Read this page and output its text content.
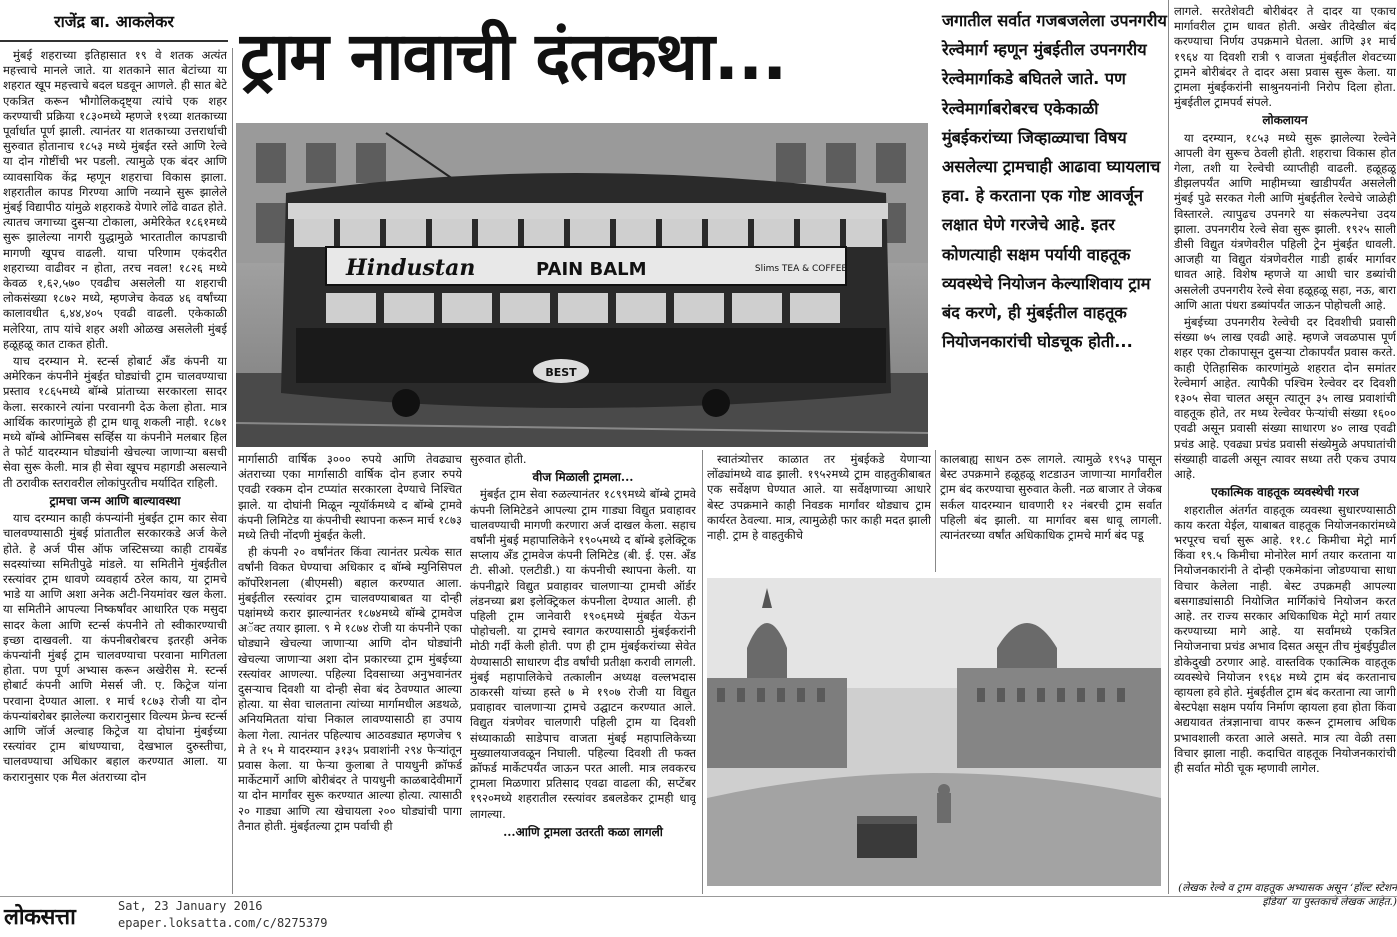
राजेंद्र बा. आकलेकर	ट्राम नावाची दंतकथा...
Hindustan	PAIN BALM	Slims TEA & COFFEE
BEST
जगातील सर्वात गजबजलेला उपनगरीय रेल्वेमार्ग म्हणून मुंबईतील उपनगरीय रेल्वेमार्गाकडे बघितले जाते. पण रेल्वेमार्गाबरोबरच एकेकाळी मुंबईकरांच्या जिव्हाळ्याचा विषय असलेल्या ट्रामचाही आढावा घ्यायलाच हवा. हे करताना एक गोष्ट आवर्जून लक्षात घेणे गरजेचे आहे. इतर कोणत्याही सक्षम पर्यायी वाहतूक व्यवस्थेचे नियोजन केल्याशिवाय ट्राम बंद करणे, ही मुंबईतील वाहतूक नियोजनकारांची घोडचूक होती...

मुंबई शहराच्या इतिहासात १९ वे शतक अत्यंत महत्त्वाचे मानले जाते. या शतकाने सात बेटांच्या या शहरात खूप महत्त्वाचे बदल घडवून आणले. ही सात बेटे एकत्रित करून भौगोलिकदृष्ट्या त्यांचे एक शहर करण्याची प्रक्रिया १८३०मध्ये म्हणजे १९व्या शतकाच्या पूर्वार्धात पूर्ण झाली. त्यानंतर या शतकाच्या उत्तरार्धाची सुरुवात होतानाच १८५३ मध्ये मुंबईत रस्ते आणि रेल्वे या दोन गोष्टींची भर पडली. त्यामुळे एक बंदर आणि व्यावसायिक केंद्र म्हणून शहराचा विकास झाला. शहरातील कापड गिरण्या आणि नव्याने सुरू झालेले मुंबई विद्यापीठ यांमुळे शहराकडे येणारे लोंढे वाढत होते. त्यातच जगाच्या दुसऱ्या टोकाला, अमेरिकेत १८६१मध्ये सुरू झालेल्या नागरी युद्धामुळे भारतातील कापडाची मागणी खूपच वाढली. याचा परिणाम एकंदरीत शहराच्या वाढीवर न होता, तरच नवल! १८२६ मध्ये केवळ १,६२,५७० एवढीच असलेली या शहराची लोकसंख्या १८७२ मध्ये, म्हणजेच केवळ ४६ वर्षांच्या कालावधीत ६,४४,४०५ एवढी वाढली. एकेकाळी मलेरिया, ताप यांचे शहर अशी ओळख असलेली मुंबई हळूहळू कात टाकत होती.

याच दरम्यान मे. स्टर्न्स होबार्ट अँड कंपनी या अमेरिकन कंपनीने मुंबईत घोड्यांची ट्राम चालवण्याचा प्रस्ताव १८६५मध्ये बॉम्बे प्रांताच्या सरकारला सादर केला. सरकारने त्यांना परवानगी देऊ केला होता. मात्र आर्थिक कारणांमुळे ही ट्राम धावू शकली नाही. १८७१ मध्ये बॉम्बे ओम्निबस सर्व्हिस या कंपनीने मलबार हिल ते फोर्ट यादरम्यान घोड्यांनी खेचल्या जाणाऱ्या बसची सेवा सुरू केली. मात्र ही सेवा खूपच महागडी असल्याने ती ठरावीक स्तरावरील लोकांपुरतीच मर्यादित राहिली.

ट्रामचा जन्म आणि बाल्यावस्था

याच दरम्यान काही कंपन्यांनी मुंबईत ट्राम कार सेवा चालवण्यासाठी मुंबई प्रांतातील सरकारकडे अर्ज केले होते. हे अर्ज पीस ऑफ जस्टिसच्या काही टायबेंड सदस्यांच्या समितीपुढे मांडले. या समितीने मुंबईतील रस्त्यांवर ट्राम धावणे व्यवहार्य ठरेल काय, या ट्रामचे भाडे या आणि अशा अनेक अटी-नियमांवर खल केला. या समितीने आपल्या निष्कर्षांवर आधारित एक मसुदा सादर केला आणि स्टर्न्स कंपनीने तो स्वीकारण्याची इच्छा दाखवली. या कंपनीबरोबरच इतरही अनेक कंपन्यांनी मुंबई ट्राम चालवण्याचा परवाना मागितला होता. पण पूर्ण अभ्यास करून अखेरीस मे. स्टर्न्स होबार्ट कंपनी आणि मेसर्स जी. ए. किट्रेज यांना परवाना देण्यात आला. १ मार्च १८७३ रोजी या दोन कंपन्यांबरोबर झालेल्या करारानुसार विल्यम फ्रेन्च स्टर्न्स आणि जॉर्ज अल्वाह किट्रेज या दोघांना मुंबईच्या रस्त्यांवर ट्राम बांधण्याचा, देखभाल दुरुस्तीचा, चालवण्याचा अधिकार बहाल करण्यात आला. या करारानुसार एक मैल अंतराच्या दोन

मार्गासाठी वार्षिक ३००० रुपये आणि तेवढ्याच अंतराच्या एका मार्गासाठी वार्षिक दोन हजार रुपये एवढी रक्कम दोन टप्प्यांत सरकारला देण्याचे निश्चित झाले. या दोघांनी मिळून न्यूयॉर्कमध्ये द बॉम्बे ट्रामवे कंपनी लिमिटेड या कंपनीची स्थापना करून मार्च १८७३ मध्ये तिची नोंदणी मुंबईत केली.

ही कंपनी २० वर्षांनंतर किंवा त्यानंतर प्रत्येक सात वर्षांनी विकत घेण्याचा अधिकार द बॉम्बे म्युनिसिपल कॉर्पोरेशनला (बीएमसी) बहाल करण्यात आला. मुंबईतील रस्त्यांवर ट्राम चालवण्याबाबत या दोन्ही पक्षांमध्ये करार झाल्यानंतर १८७४मध्ये बॉम्बे ट्रामवेज अॅक्ट तयार झाला. ९ मे १८७४ रोजी या कंपनीने एका घोड्याने खेचल्या जाणाऱ्या आणि दोन घोड्यांनी खेचल्या जाणाऱ्या अशा दोन प्रकारच्या ट्राम मुंबईच्या रस्त्यांवर आणल्या. पहिल्या दिवसाच्या अनुभवानंतर दुसऱ्याच दिवशी या दोन्ही सेवा बंद ठेवण्यात आल्या होत्या. या सेवा चालताना त्यांच्या मार्गामधील अडथळे, अनियमितता यांचा निकाल लावण्यासाठी हा उपाय केला गेला. त्यानंतर पहिल्याच आठवड्यात म्हणजेच ९ मे ते १५ मे यादरम्यान ३१३५ प्रवाशांनी २९४ फेऱ्यांतून प्रवास केला. या फेऱ्या कुलाबा ते पायधुनी क्रॉफर्ड मार्केटमार्गे आणि बोरीबंदर ते पायधुनी काळबादेवीमार्गे या दोन मार्गांवर सुरू करण्यात आल्या होत्या. त्यासाठी २० गाड्या आणि त्या खेचायला २०० घोड्यांची पागा तैनात होती. मुंबईतल्या ट्राम पर्वाची ही

सुरुवात होती.

वीज मिळाली ट्रामला...

मुंबईत ट्राम सेवा रुळल्यानंतर १८९९मध्ये बॉम्बे ट्रामवे कंपनी लिमिटेडने आपल्या ट्राम गाड्या विद्युत प्रवाहावर चालवण्याची मागणी करणारा अर्ज दाखल केला. सहाच वर्षांनी मुंबई महापालिकेने १९०५मध्ये द बॉम्बे इलेक्ट्रिक सप्लाय अँड ट्रामवेज कंपनी लिमिटेड (बी. ई. एस. अँड टी. सीओ. एलटीडी.) या कंपनीची स्थापना केली. या कंपनीद्वारे विद्युत प्रवाहावर चालणाऱ्या ट्रामची ऑर्डर लंडनच्या ब्रश इलेक्ट्रिकल कंपनीला देण्यात आली. ही पहिली ट्राम जानेवारी १९०६मध्ये मुंबईत येऊन पोहोचली. या ट्रामचे स्वागत करण्यासाठी मुंबईकरांनी मोठी गर्दी केली होती. पण ही ट्राम मुंबईकरांच्या सेवेत येण्यासाठी साधारण दीड वर्षांची प्रतीक्षा करावी लागली. मुंबई महापालिकेचे तत्कालीन अध्यक्ष वल्लभदास ठाकरसी यांच्या हस्ते ७ मे १९०७ रोजी या विद्युत प्रवाहावर चालणाऱ्या ट्रामचे उद्घाटन करण्यात आले. विद्युत यंत्रणेवर चालणारी पहिली ट्राम या दिवशी संध्याकाळी साडेपाच वाजता मुंबई महापालिकेच्या मुख्यालयाजवळून निघाली. पहिल्या दिवशी ती फक्त क्रॉफर्ड मार्केटपर्यंत जाऊन परत आली. मात्र लवकरच ट्रामला मिळणारा प्रतिसाद एवढा वाढला की, सप्टेंबर १९२०मध्ये शहरातील रस्त्यांवर डबलडेकर ट्रामही धावू लागल्या.

...आणि ट्रामला उतरती कळा लागली

स्वातंत्र्योत्तर काळात तर मुंबईकडे येणाऱ्या लोंढ्यांमध्ये वाढ झाली. १९५२मध्ये ट्राम वाहतुकीबाबत एक सर्वेक्षण घेण्यात आले. या सर्वेक्षणाच्या आधारे बेस्ट उपक्रमाने काही निवडक मार्गांवर थोड्याच ट्राम कार्यरत ठेवल्या. मात्र, त्यामुळेही फार काही मदत झाली नाही. ट्राम हे वाहतुकीचे

कालबाह्य साधन ठरू लागले. त्यामुळे १९५३ पासून बेस्ट उपक्रमाने हळूहळू शटडाउन जाणाऱ्या मार्गांवरील ट्राम बंद करण्याचा सुरुवात केली. नळ बाजार ते जेकब सर्कल यादरम्यान धावणारी १२ नंबरची ट्राम सर्वात पहिली बंद झाली. या मार्गावर बस धावू लागली. त्यानंतरच्या वर्षांत अधिकाधिक ट्रामचे मार्ग बंद पडू

लागले. सरतेशेवटी बोरीबंदर ते दादर या एकाच मार्गावरील ट्राम धावत होती. अखेर तीदेखील बंद करण्याचा निर्णय उपक्रमाने घेतला. आणि ३१ मार्च १९६४ या दिवशी रात्री ९ वाजता मुंबईतील शेवटच्या ट्रामने बोरीबंदर ते दादर असा प्रवास सुरू केला. या ट्रामला मुंबईकरांनी साश्रुनयनांनी निरोप दिला होता. मुंबईतील ट्रामपर्व संपले.

लोकलायन

या दरम्यान, १८५३ मध्ये सुरू झालेल्या रेल्वेने आपली वेग सुरूच ठेवली होती. शहराचा विकास होत गेला, तशी या रेल्वेची व्याप्तीही वाढली. हळूहळू डीझलपर्यंत आणि माहीमच्या खाडीपर्यंत असलेली मुंबई पुढे सरकत गेली आणि मुंबईतील रेल्वेचे जाळेही विस्तारले. त्यापुढच उपनगरे या संकल्पनेचा उदय झाला. उपनगरीय रेल्वे सेवा सुरू झाली. १९२५ साली डीसी विद्युत यंत्रणेवरील पहिली ट्रेन मुंबईत धावली. आजही या विद्युत यंत्रणेवरील गाडी हार्बर मार्गावर धावत आहे. विशेष म्हणजे या आधी चार डब्यांची असलेली उपनगरीय रेल्वे सेवा हळूहळू सहा, नऊ, बारा आणि आता पंधरा डब्यांपर्यंत जाऊन पोहोचली आहे.

मुंबईच्या उपनगरीय रेल्वेची दर दिवशीची प्रवासी संख्या ७५ लाख एवढी आहे. म्हणजे जवळपास पूर्ण शहर एका टोकापासून दुसऱ्या टोकापर्यंत प्रवास करते. काही ऐतिहासिक कारणांमुळे शहरात दोन समांतर रेल्वेमार्ग आहेत. त्यापैकी पश्चिम रेल्वेवर दर दिवशी १३०५ सेवा चालत असून त्यातून ३५ लाख प्रवाशांची वाहतूक होते, तर मध्य रेल्वेवर फेऱ्यांची संख्या १६०० एवढी असून प्रवासी संख्या साधारण ४० लाख एवढी प्रचंड आहे. एवढ्या प्रचंड प्रवासी संख्येमुळे अपघातांची संख्याही वाढली असून त्यावर सध्या तरी एकच उपाय आहे.

एकात्मिक वाहतूक व्यवस्थेची गरज

शहरातील अंतर्गत वाहतूक व्यवस्था सुधारण्यासाठी काय करता येईल, याबाबत वाहतूक नियोजनकारांमध्ये भरपूरच चर्चा सुरू आहे. ११.८ किमीचा मेट्रो मार्ग किंवा १९.५ किमीचा मोनोरेल मार्ग तयार करताना या नियोजनकारांनी ते दोन्ही एकमेकांना जोडण्याचा साधा विचार केलेला नाही. बेस्ट उपक्रमही आपल्या बसगाड्यांसाठी नियोजित मार्गिकांचे नियोजन करत आहे. तर राज्य सरकार अधिकाधिक मेट्रो मार्ग तयार करण्याच्या मागे आहे. या सर्वांमध्ये एकत्रित नियोजनाचा प्रचंड अभाव दिसत असून तीच मुंबईपुढील डोकेदुखी ठरणार आहे. वास्तविक एकात्मिक वाहतूक व्यवस्थेचे नियोजन १९६४ मध्ये ट्राम बंद करतानाच व्हायला हवे होते. मुंबईतील ट्राम बंद करताना त्या जागी बेस्टपेक्षा सक्षम पर्याय निर्माण व्हायला हवा होता किंवा अद्ययावत तंत्रज्ञानाचा वापर करून ट्रामलाच अधिक प्रभावशाली करता आले असते. मात्र त्या वेळी तसा विचार झाला नाही. कदाचित वाहतूक नियोजनकारांची ही सर्वात मोठी चूक म्हणावी लागेल.

(लेखक रेल्वे व ट्राम वाहतूक अभ्यासक असून ‘हॉल्ट स्टेशन इंडिया’ या पुस्तकाचे लेखक आहेत.)
लोकसत्ता	Sat, 23 January 2016
epaper.loksatta.com/c/8275379
